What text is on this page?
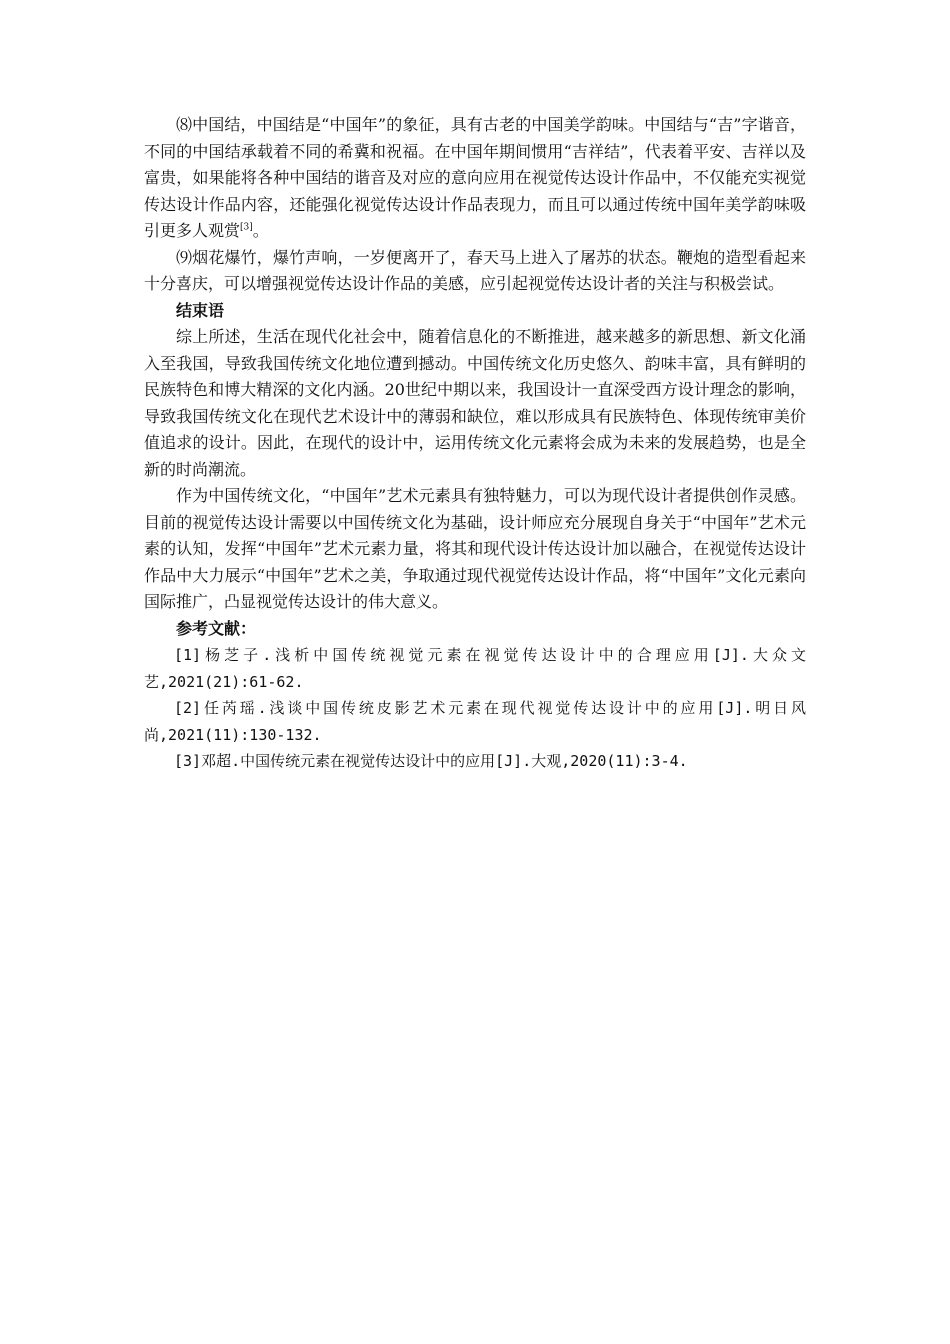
⑻中国结，中国结是“中国年”的象征，具有古老的中国美学韵味。中国结与“吉”字谐音，不同的中国结承载着不同的希冀和祝福。在中国年期间惯用“吉祥结”，代表着平安、吉祥以及富贵，如果能将各种中国结的谐音及对应的意向应用在视觉传达设计作品中，不仅能充实视觉传达设计作品内容，还能强化视觉传达设计作品表现力，而且可以通过传统中国年美学韵味吸引更多人观赏[3]。

⑼烟花爆竹，爆竹声响，一岁便离开了，春天马上进入了屠苏的状态。鞭炮的造型看起来十分喜庆，可以增强视觉传达设计作品的美感，应引起视觉传达设计者的关注与积极尝试。

结束语

综上所述，生活在现代化社会中，随着信息化的不断推进，越来越多的新思想、新文化涌入至我国，导致我国传统文化地位遭到撼动。中国传统文化历史悠久、韵味丰富，具有鲜明的民族特色和博大精深的文化内涵。20世纪中期以来，我国设计一直深受西方设计理念的影响，导致我国传统文化在现代艺术设计中的薄弱和缺位，难以形成具有民族特色、体现传统审美价值追求的设计。因此，在现代的设计中，运用传统文化元素将会成为未来的发展趋势，也是全新的时尚潮流。

作为中国传统文化，“中国年”艺术元素具有独特魅力，可以为现代设计者提供创作灵感。目前的视觉传达设计需要以中国传统文化为基础，设计师应充分展现自身关于“中国年”艺术元素的认知，发挥“中国年”艺术元素力量，将其和现代设计传达设计加以融合，在视觉传达设计作品中大力展示“中国年”艺术之美，争取通过现代视觉传达设计作品，将“中国年”文化元素向国际推广，凸显视觉传达设计的伟大意义。

参考文献：

[1]杨芝子.浅析中国传统视觉元素在视觉传达设计中的合理应用[J].大众文艺,2021(21):61-62.

[2]任芮瑶.浅谈中国传统皮影艺术元素在现代视觉传达设计中的应用[J].明日风尚,2021(11):130-132.

[3]邓超.中国传统元素在视觉传达设计中的应用[J].大观,2020(11):3-4.
